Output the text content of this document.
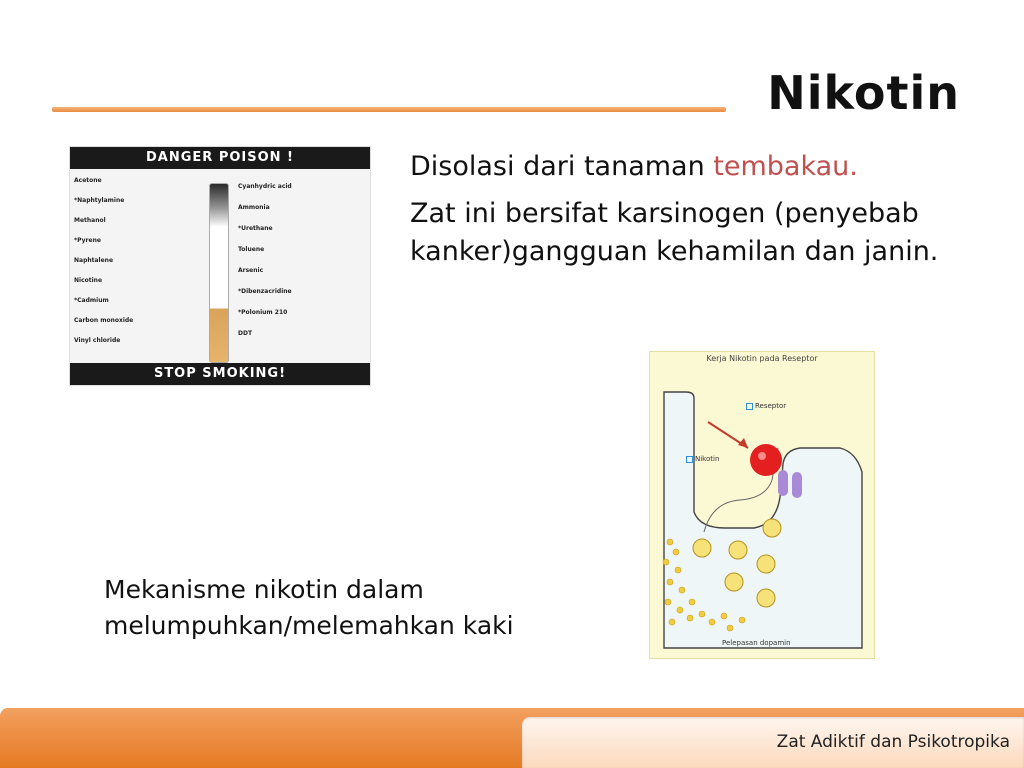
Nikotin
DANGER POISON !
Acetone
*Naphtylamine
Methanol
*Pyrene
Naphtalene
Nicotine
*Cadmium
Carbon monoxide
Vinyl chloride
Cyanhydric acid
Ammonia
*Urethane
Toluene
Arsenic
*Dibenzacridine
*Polonium 210
DDT
STOP SMOKING!

Disolasi dari tanaman tembakau.

Zat ini bersifat karsinogen (penyebab kanker)gangguan kehamilan dan janin.

Kerja Nikotin pada Reseptor
Reseptor
Nikotin
Pelepasan dopamin
Mekanisme nikotin dalam melumpuhkan/melemahkan kaki
Zat Adiktif dan Psikotropika
